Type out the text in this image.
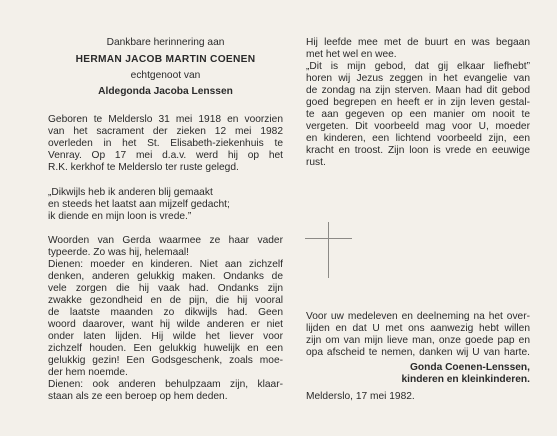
Dankbare herinnering aan
HERMAN JACOB MARTIN COENEN
echtgenoot van
Aldegonda Jacoba Lenssen
Geboren te Melderslo 31 mei 1918 en voorzien
van het sacrament der zieken 12 mei 1982
overleden in het St. Elisabeth-ziekenhuis te
Venray.  Op  17  mei  d.a.v.  werd  hij  op  het
R.K. kerkhof te Melderslo ter ruste gelegd.
„Dikwijls heb ik anderen blij gemaakt
en steeds het laatst aan mijzelf gedacht;
ik diende en mijn loon is vrede.”
Woorden van Gerda waarmee ze haar vader
typeerde. Zo was hij, helemaal!
Dienen: moeder en kinderen. Niet aan zichzelf
denken, anderen gelukkig maken. Ondanks de
vele zorgen die hij vaak had. Ondanks zijn
zwakke gezondheid en de pijn, die hij vooral
de laatste maanden zo dikwijls had. Geen
woord daarover, want hij wilde anderen er niet
onder laten lijden. Hij wilde het liever voor
zichzelf houden. Een gelukkig huwelijk en een
gelukkig gezin! Een Godsgeschenk, zoals moe-
der hem noemde.
Dienen: ook anderen behulpzaam zijn, klaar-
staan als ze een beroep op hem deden.
Hij leefde mee met de buurt en was begaan
met het wel en wee.
„Dit is mijn gebod, dat gij elkaar liefhebt”
horen wij Jezus zeggen in het evangelie van
de zondag na zijn sterven. Maan had dit gebod
goed begrepen en heeft er in zijn leven gestal-
te aan gegeven op een manier om nooit te
vergeten. Dit voorbeeld mag voor U, moeder
en kinderen, een lichtend voorbeeld zijn, een
kracht en troost. Zijn loon is vrede en eeuwige
rust.
Voor uw medeleven en deelneming na het over-
lijden en dat U met ons aanwezig hebt willen
zijn om van mijn lieve man, onze goede pap en
opa afscheid te nemen, danken wij U van harte.
Gonda Coenen-Lenssen,
kinderen en kleinkinderen.
Melderslo, 17 mei 1982.
